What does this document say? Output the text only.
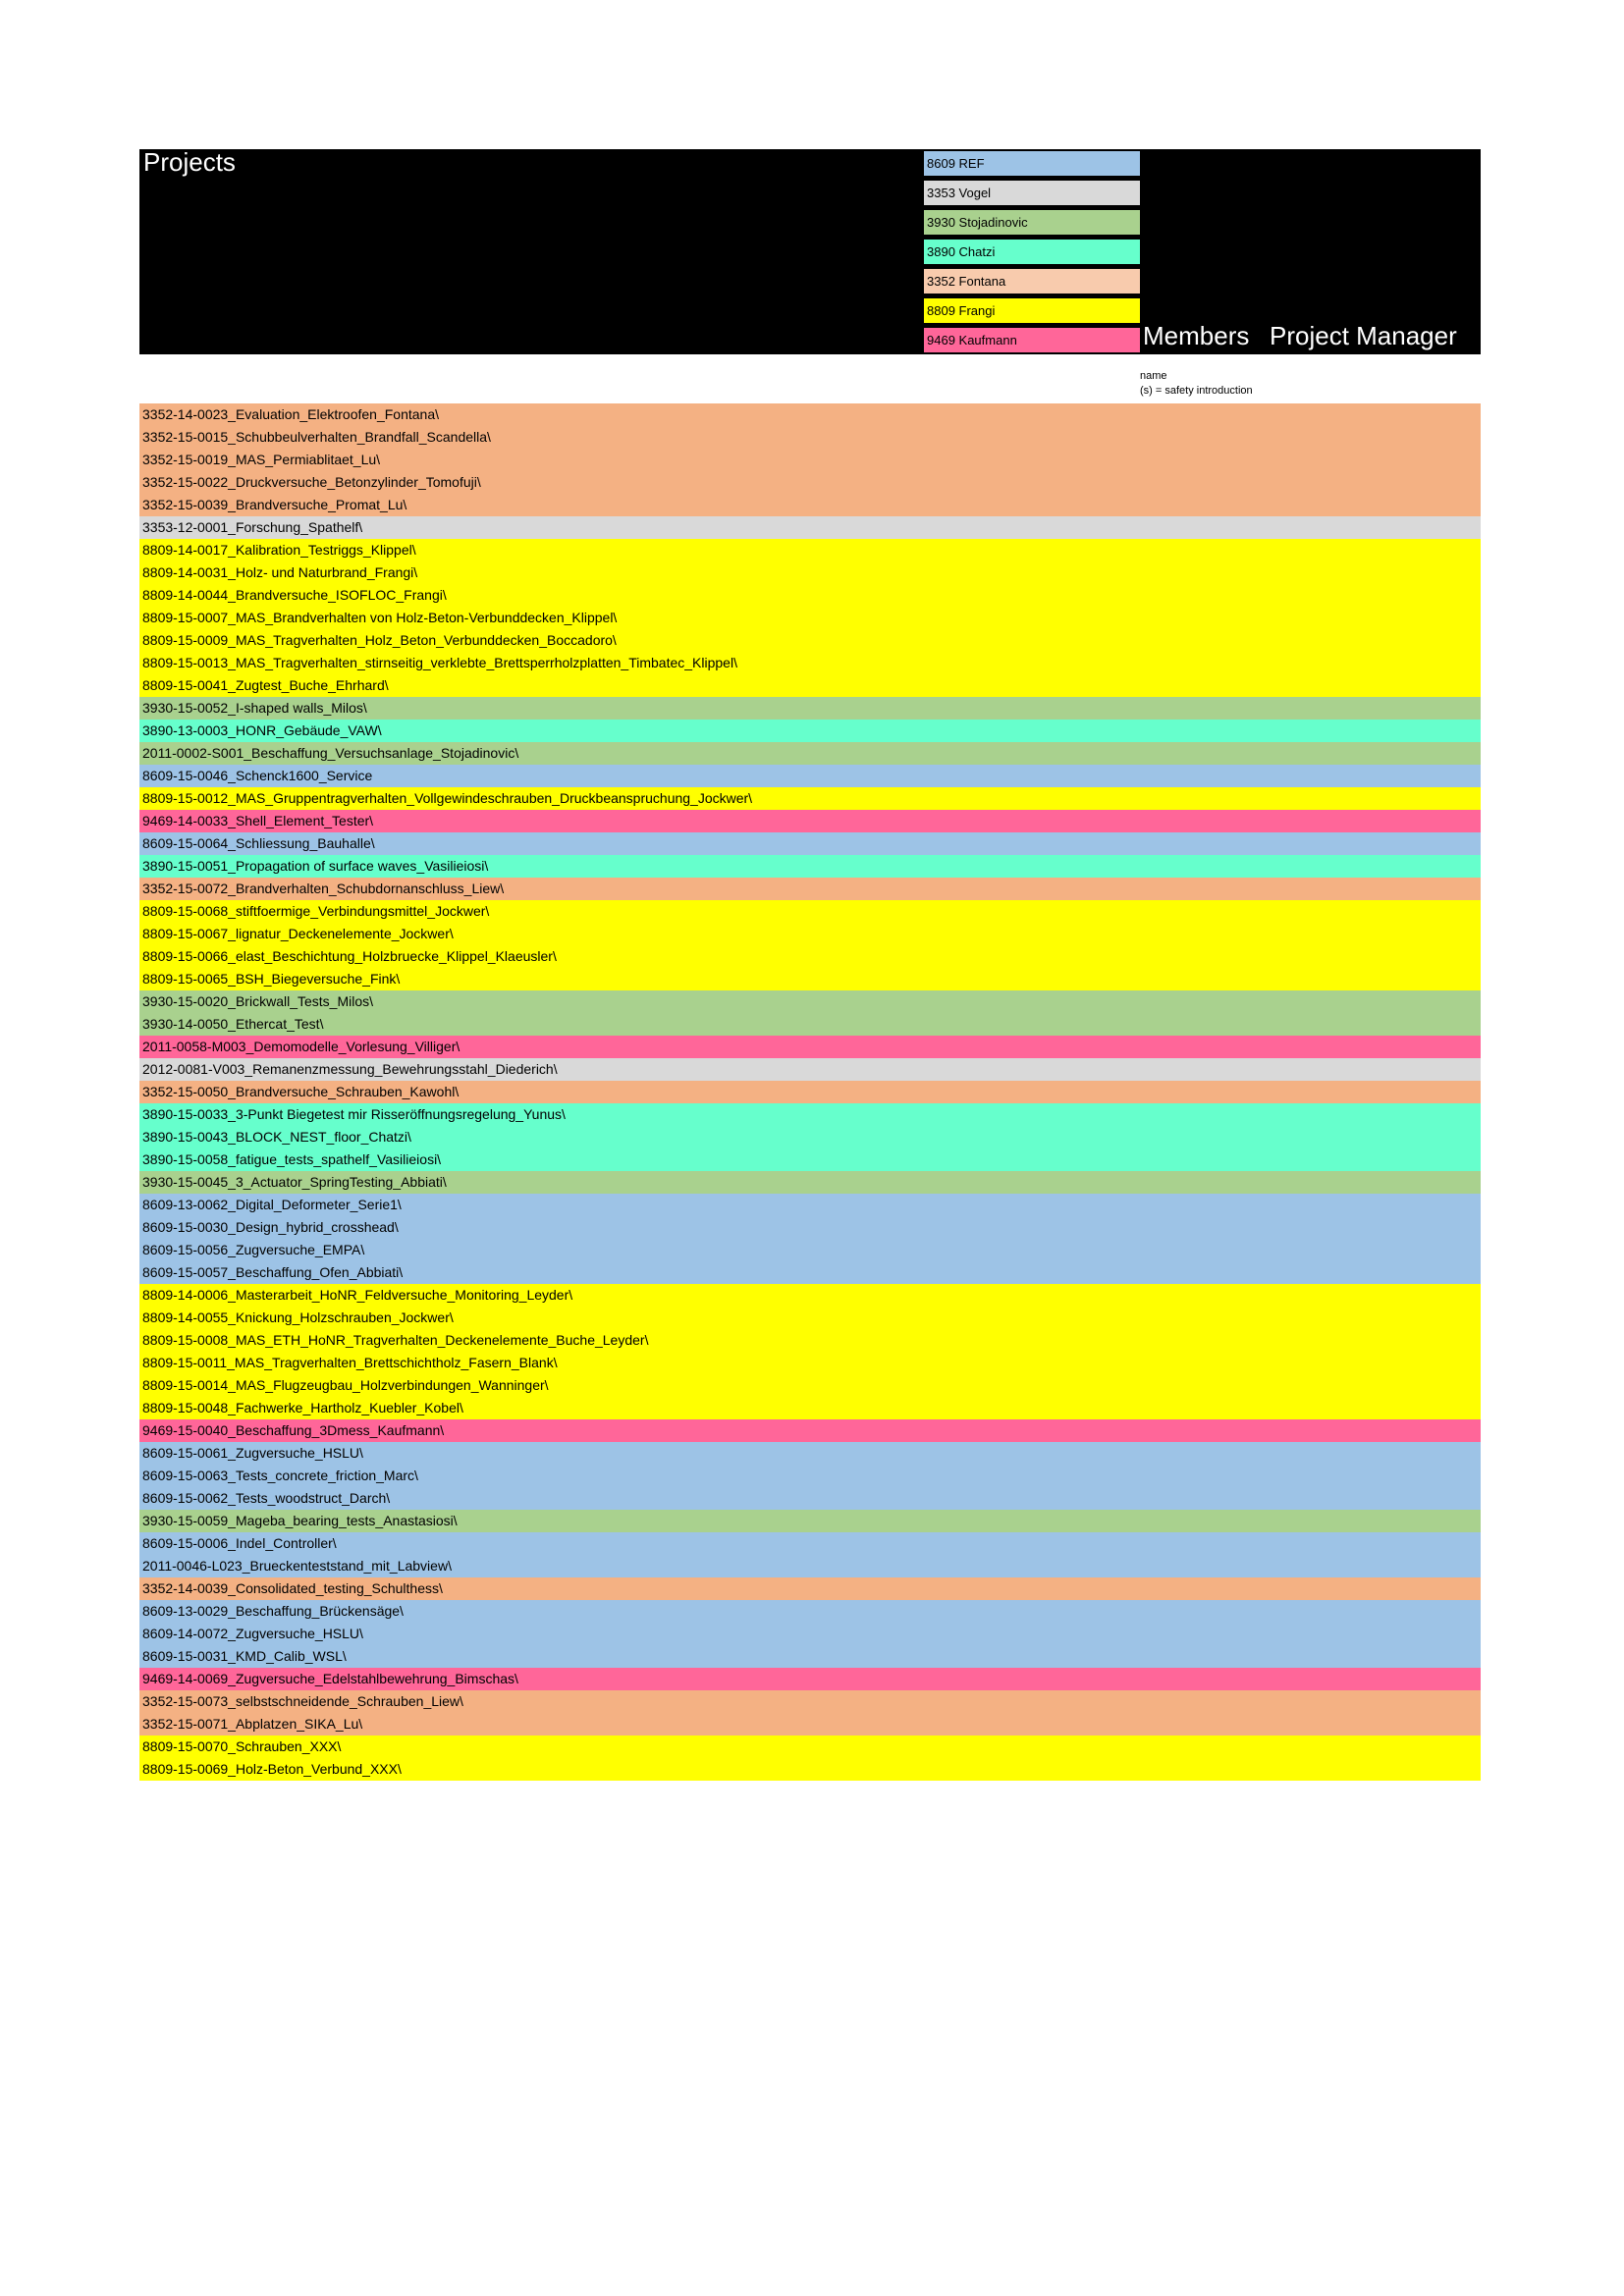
Projects	8609 REF
3353 Vogel
3930 Stojadinovic
3890 Chatzi
3352 Fontana
8809 Frangi
9469 Kaufmann	Members Project Manager
name
(s) = safety introduction
3352-14-0023_Evaluation_Elektroofen_Fontana\
3352-15-0015_Schubbeulverhalten_Brandfall_Scandella\
3352-15-0019_MAS_Permiablitaet_Lu\
3352-15-0022_Druckversuche_Betonzylinder_Tomofuji\
3352-15-0039_Brandversuche_Promat_Lu\
3353-12-0001_Forschung_Spathelf\
8809-14-0017_Kalibration_Testriggs_Klippel\
8809-14-0031_Holz- und Naturbrand_Frangi\
8809-14-0044_Brandversuche_ISOFLOC_Frangi\
8809-15-0007_MAS_Brandverhalten von Holz-Beton-Verbunddecken_Klippel\
8809-15-0009_MAS_Tragverhalten_Holz_Beton_Verbunddecken_Boccadoro\
8809-15-0013_MAS_Tragverhalten_stirnseitig_verklebte_Brettsperrholzplatten_Timbatec_Klippel\
8809-15-0041_Zugtest_Buche_Ehrhard\
3930-15-0052_I-shaped walls_Milos\
3890-13-0003_HONR_Gebäude_VAW\
2011-0002-S001_Beschaffung_Versuchsanlage_Stojadinovic\
8609-15-0046_Schenck1600_Service
8809-15-0012_MAS_Gruppentragverhalten_Vollgewindeschrauben_Druckbeanspruchung_Jockwer\
9469-14-0033_Shell_Element_Tester\
8609-15-0064_Schliessung_Bauhalle\
3890-15-0051_Propagation of surface waves_Vasilieiosi\
3352-15-0072_Brandverhalten_Schubdornanschluss_Liew\
8809-15-0068_stiftfoermige_Verbindungsmittel_Jockwer\
8809-15-0067_lignatur_Deckenelemente_Jockwer\
8809-15-0066_elast_Beschichtung_Holzbruecke_Klippel_Klaeusler\
8809-15-0065_BSH_Biegeversuche_Fink\
3930-15-0020_Brickwall_Tests_Milos\
3930-14-0050_Ethercat_Test\
2011-0058-M003_Demomodelle_Vorlesung_Villiger\
2012-0081-V003_Remanenzmessung_Bewehrungsstahl_Diederich\
3352-15-0050_Brandversuche_Schrauben_Kawohl\
3890-15-0033_3-Punkt Biegetest mir Risseröffnungsregelung_Yunus\
3890-15-0043_BLOCK_NEST_floor_Chatzi\
3890-15-0058_fatigue_tests_spathelf_Vasilieiosi\
3930-15-0045_3_Actuator_SpringTesting_Abbiati\
8609-13-0062_Digital_Deformeter_Serie1\
8609-15-0030_Design_hybrid_crosshead\
8609-15-0056_Zugversuche_EMPA\
8609-15-0057_Beschaffung_Ofen_Abbiati\
8809-14-0006_Masterarbeit_HoNR_Feldversuche_Monitoring_Leyder\
8809-14-0055_Knickung_Holzschrauben_Jockwer\
8809-15-0008_MAS_ETH_HoNR_Tragverhalten_Deckenelemente_Buche_Leyder\
8809-15-0011_MAS_Tragverhalten_Brettschichtholz_Fasern_Blank\
8809-15-0014_MAS_Flugzeugbau_Holzverbindungen_Wanninger\
8809-15-0048_Fachwerke_Hartholz_Kuebler_Kobel\
9469-15-0040_Beschaffung_3Dmess_Kaufmann\
8609-15-0061_Zugversuche_HSLU\
8609-15-0063_Tests_concrete_friction_Marc\
8609-15-0062_Tests_woodstruct_Darch\
3930-15-0059_Mageba_bearing_tests_Anastasiosi\
8609-15-0006_Indel_Controller\
2011-0046-L023_Brueckenteststand_mit_Labview\
3352-14-0039_Consolidated_testing_Schulthess\
8609-13-0029_Beschaffung_Brückensäge\
8609-14-0072_Zugversuche_HSLU\
8609-15-0031_KMD_Calib_WSL\
9469-14-0069_Zugversuche_Edelstahlbewehrung_Bimschas\
3352-15-0073_selbstschneidende_Schrauben_Liew\
3352-15-0071_Abplatzen_SIKA_Lu\
8809-15-0070_Schrauben_XXX\
8809-15-0069_Holz-Beton_Verbund_XXX\
